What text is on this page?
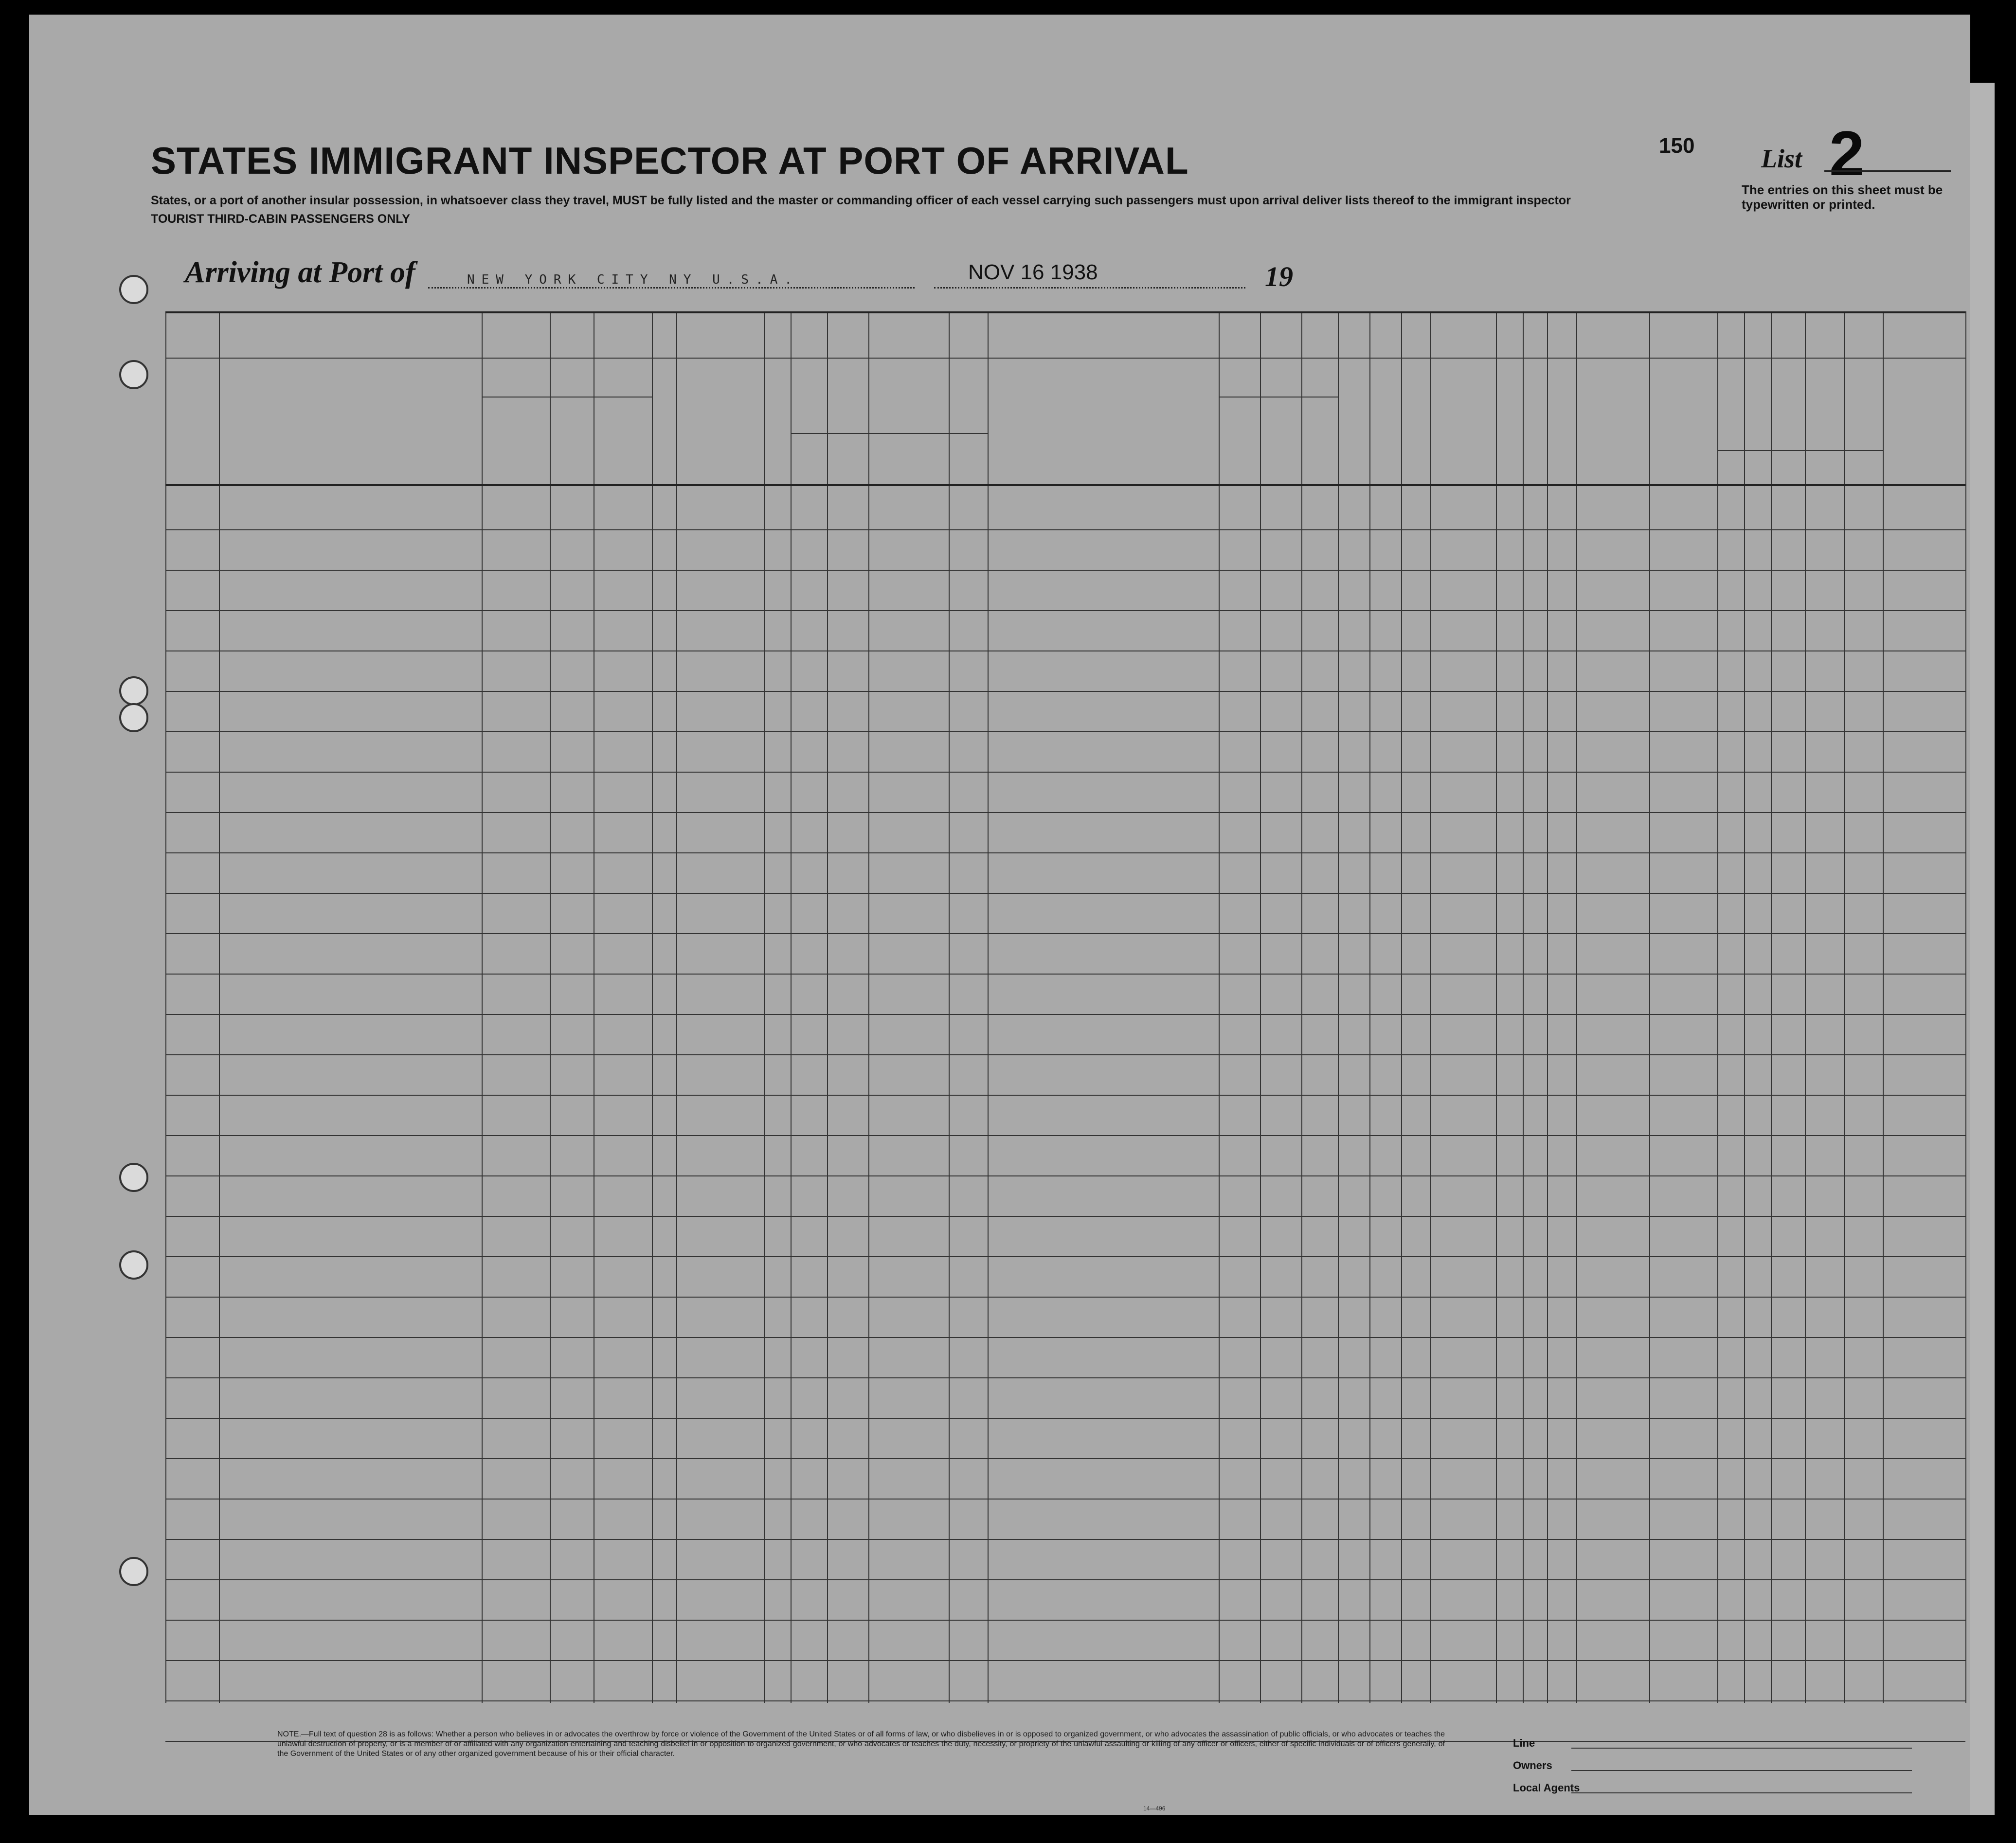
STATES IMMIGRANT INSPECTOR AT PORT OF ARRIVAL
States, or a port of another insular possession, in whatsoever class they travel, MUST be fully listed and the master or commanding officer of each vessel carrying such passengers must upon arrival deliver lists thereof to the immigrant inspector
TOURIST THIRD-CABIN PASSENGERS ONLY
150	List 2
The entries on this sheet must be typewritten or printed.
Arriving at Port of	NEW YORK CITY NY U.S.A.	NOV 16 1938	19
NOTE.—Full text of question 28 is as follows: Whether a person who believes in or advocates the overthrow by force or violence of the Government of the United States or of all forms of law, or who disbelieves in or is opposed to organized government, or who advocates the assassination of public officials, or who advocates or teaches the unlawful destruction of property, or is a member of or affiliated with any organization entertaining and teaching disbelief in or opposition to organized government, or who advocates or teaches the duty, necessity, or propriety of the unlawful assaulting or killing of any officer or officers, either of specific individuals or of officers generally, of the Government of the United States or of any other organized government because of his or their official character.
Line
Owners
Local Agents
14—496
